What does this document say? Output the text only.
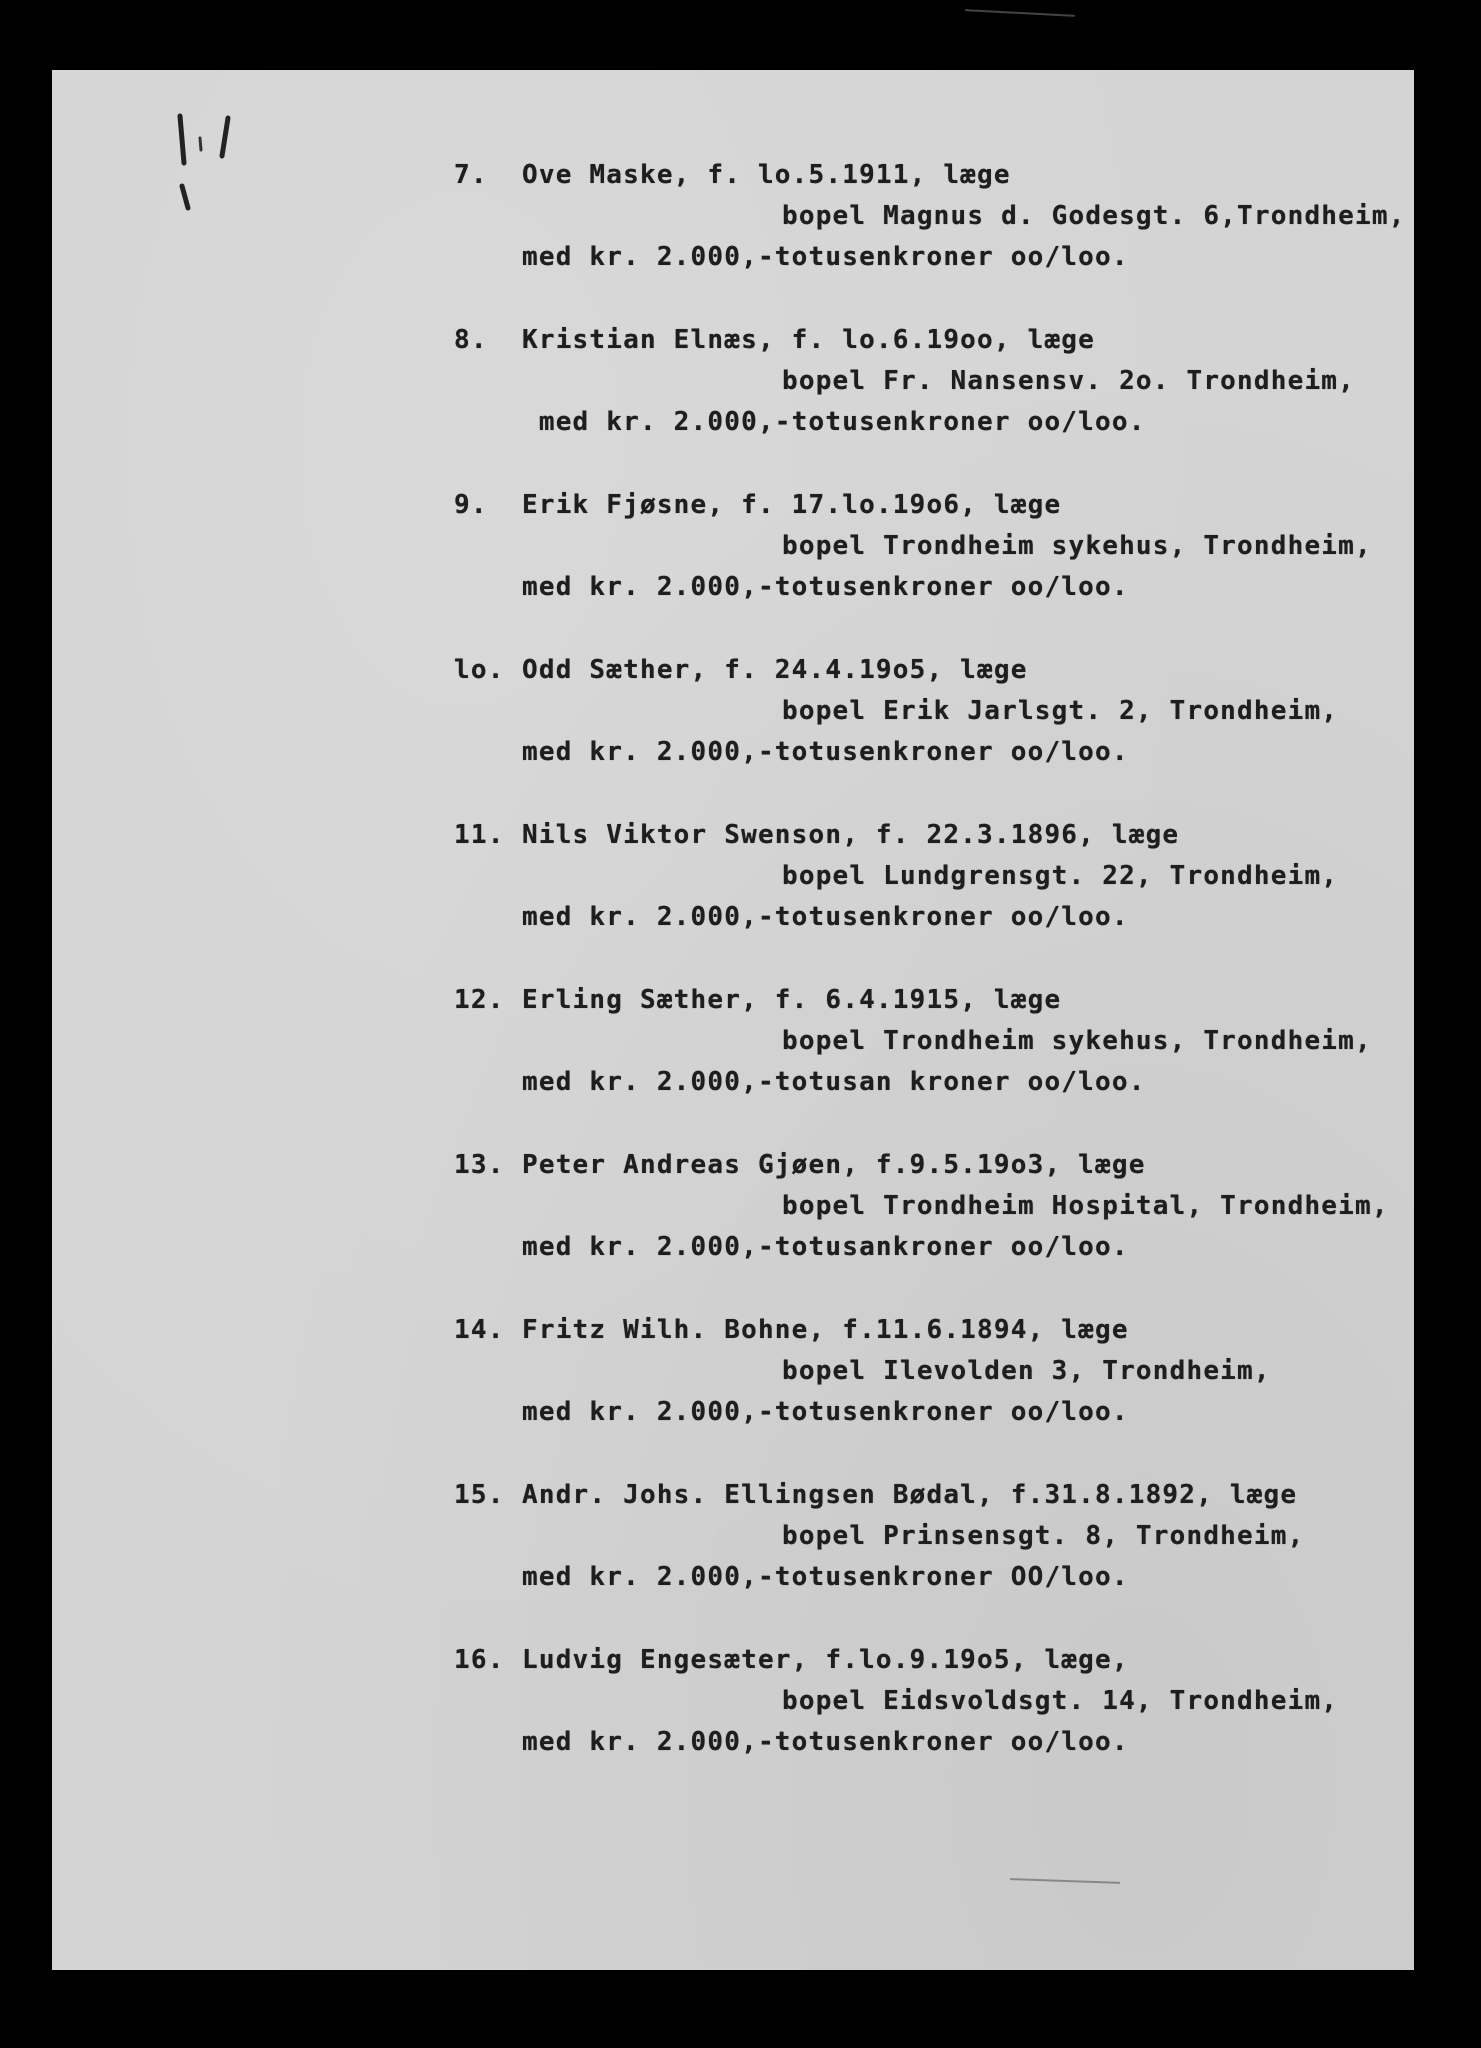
7. Ove Maske, f. lo.5.1911, læge
bopel Magnus d. Godesgt. 6,Trondheim,
med kr. 2.000,-totusenkroner oo/loo.
8. Kristian Elnæs, f. lo.6.19oo, læge
bopel Fr. Nansensv. 2o. Trondheim,
med kr. 2.000,-totusenkroner oo/loo.
9. Erik Fjøsne, f. 17.lo.19o6, læge
bopel Trondheim sykehus, Trondheim,
med kr. 2.000,-totusenkroner oo/loo.
lo. Odd Sæther, f. 24.4.19o5, læge
bopel Erik Jarlsgt. 2, Trondheim,
med kr. 2.000,-totusenkroner oo/loo.
11. Nils Viktor Swenson, f. 22.3.1896, læge
bopel Lundgrensgt. 22, Trondheim,
med kr. 2.000,-totusenkroner oo/loo.
12. Erling Sæther, f. 6.4.1915, læge
bopel Trondheim sykehus, Trondheim,
med kr. 2.000,-totusan kroner oo/loo.
13. Peter Andreas Gjøen, f.9.5.19o3, læge
bopel Trondheim Hospital, Trondheim,
med kr. 2.000,-totusankroner oo/loo.
14. Fritz Wilh. Bohne, f.11.6.1894, læge
bopel Ilevolden 3, Trondheim,
med kr. 2.000,-totusenkroner oo/loo.
15. Andr. Johs. Ellingsen Bødal, f.31.8.1892, læge
bopel Prinsensgt. 8, Trondheim,
med kr. 2.000,-totusenkroner OO/loo.
16. Ludvig Engesæter, f.lo.9.19o5, læge,
bopel Eidsvoldsgt. 14, Trondheim,
med kr. 2.000,-totusenkroner oo/loo.
